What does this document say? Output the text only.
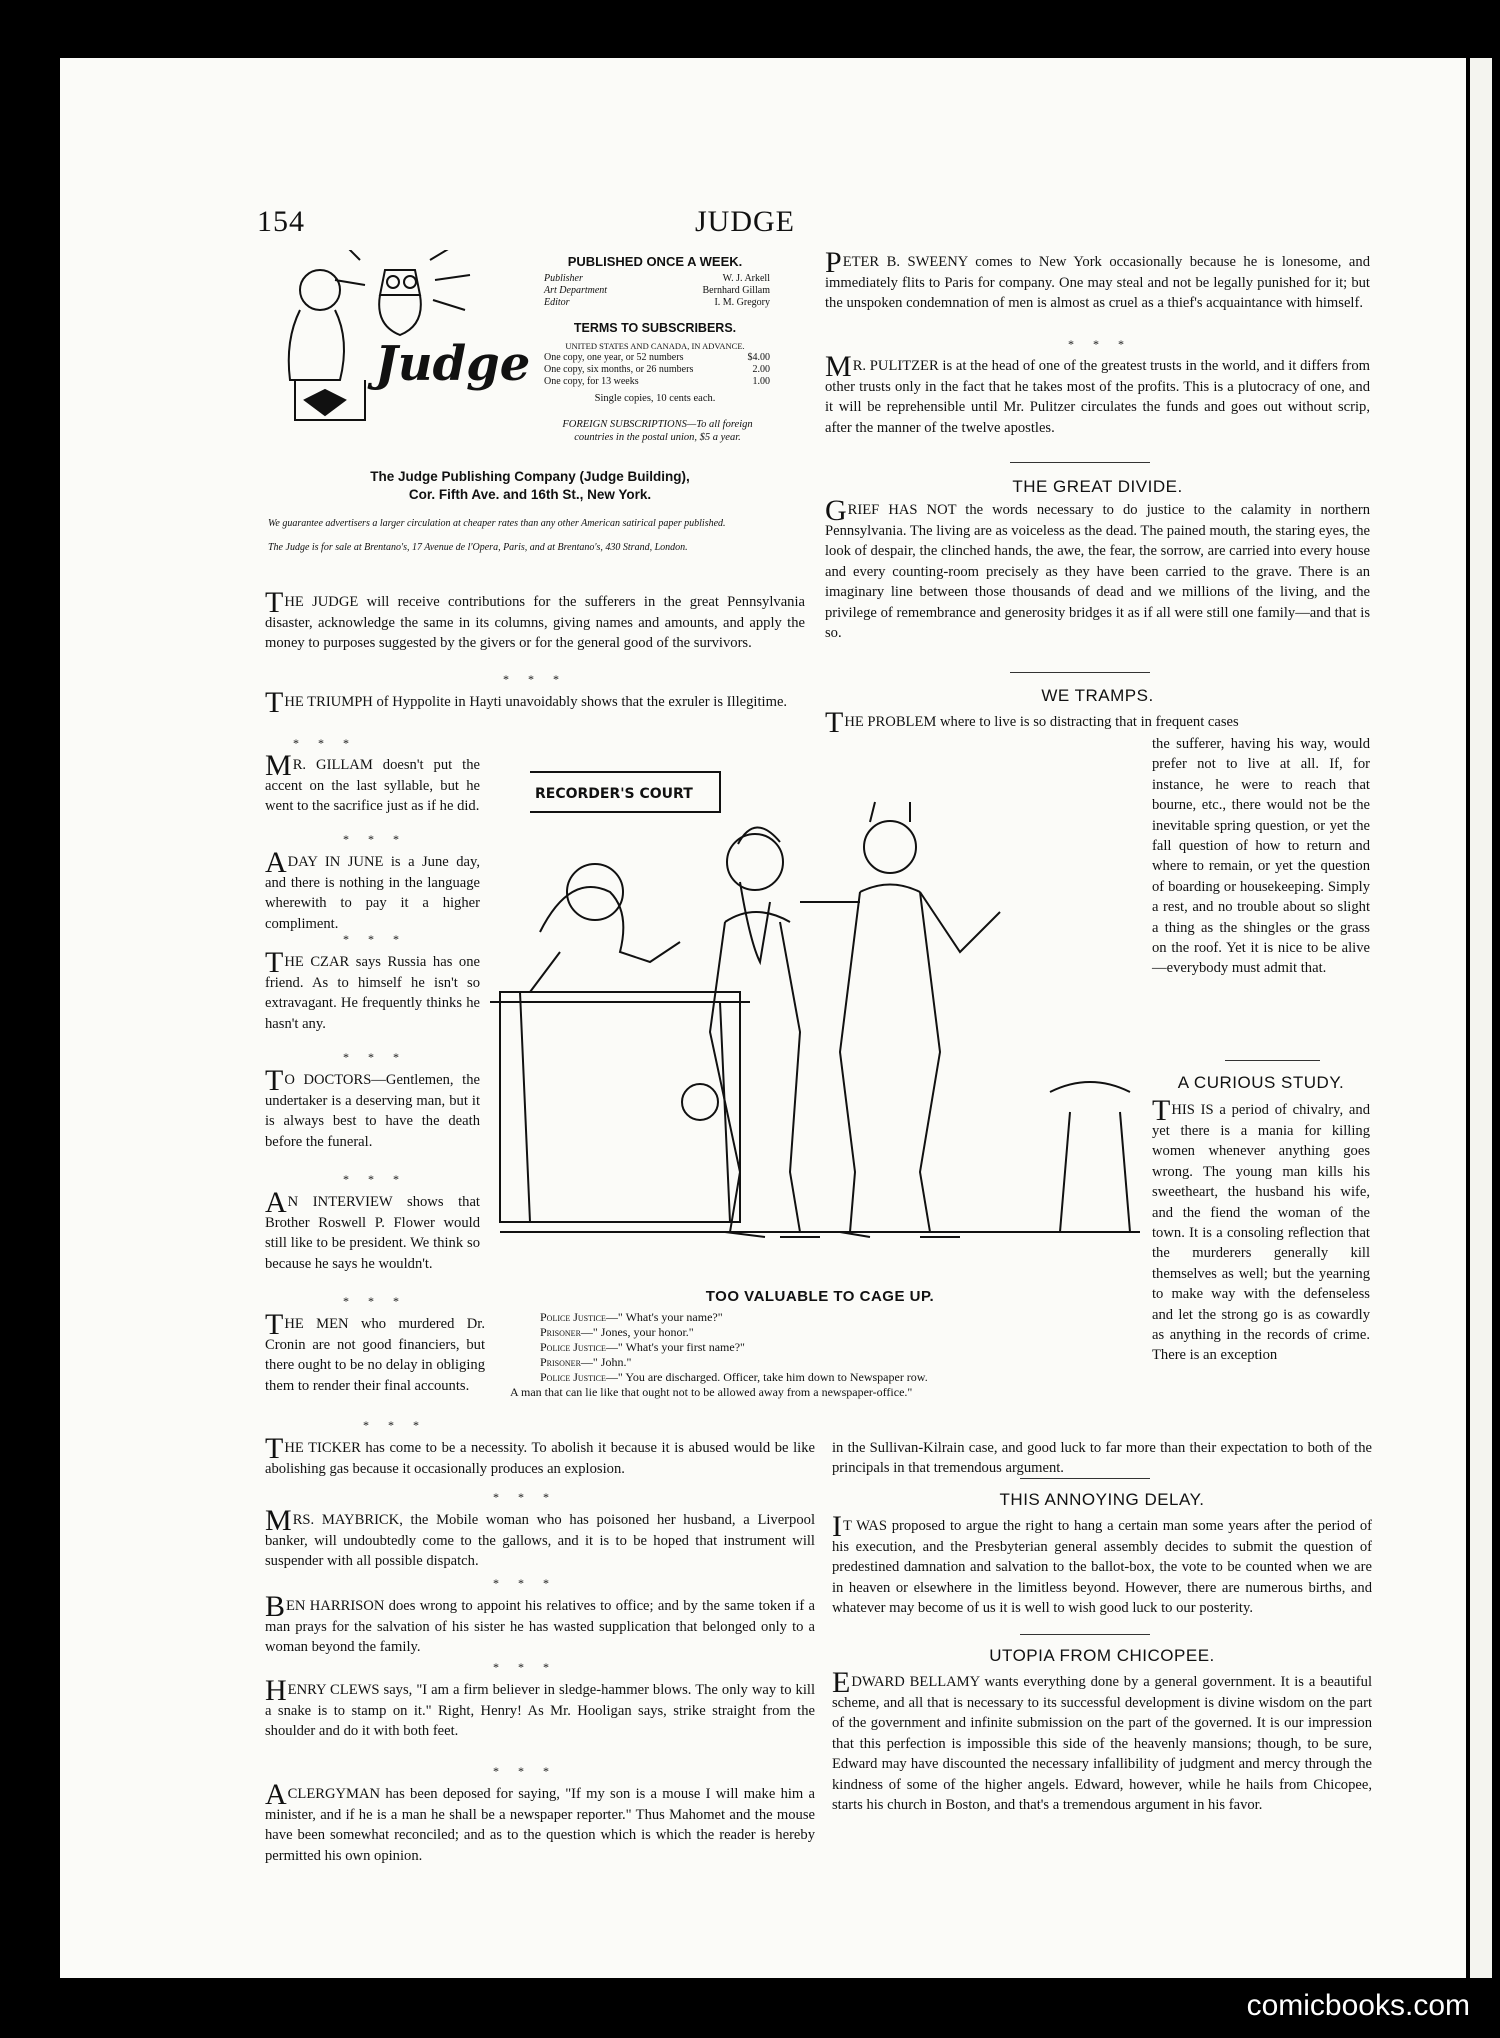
154	JUDGE
Judge
PUBLISHED ONCE A WEEK.
Publisher	W. J. Arkell
Art Department	Bernhard Gillam
Editor	I. M. Gregory
TERMS TO SUBSCRIBERS.
UNITED STATES AND CANADA, IN ADVANCE.
One copy, one year, or 52 numbers	$4.00
One copy, six months, or 26 numbers	2.00
One copy, for 13 weeks	1.00
Single copies, 10 cents each.
FOREIGN SUBSCRIPTIONS—To all foreign countries in the postal union, $5 a year.
The Judge Publishing Company (Judge Building),
Cor. Fifth Ave. and 16th St., New York.
We guarantee advertisers a larger circulation at cheaper rates than any other American satirical paper published.
The Judge is for sale at Brentano's, 17 Avenue de l'Opera, Paris, and at Brentano's, 430 Strand, London.
THE JUDGE will receive contributions for the sufferers in the great Pennsylvania disaster, acknowledge the same in its columns, giving names and amounts, and apply the money to purposes suggested by the givers or for the general good of the survivors.
* * *
THE TRIUMPH of Hyppolite in Hayti unavoidably shows that the exruler is Illegitime.
* * *
MR. GILLAM doesn't put the accent on the last syllable, but he went to the sacrifice just as if he did.
* * *
ADAY IN JUNE is a June day, and there is nothing in the language wherewith to pay it a higher compliment.
* * *
THE CZAR says Russia has one friend. As to himself he isn't so extravagant. He frequently thinks he hasn't any.
* * *
TO DOCTORS—Gentlemen, the undertaker is a deserving man, but it is always best to have the death before the funeral.
* * *
AN INTERVIEW shows that Brother Roswell P. Flower would still like to be president. We think so because he says he wouldn't.
* * *
THE MEN who murdered Dr. Cronin are not good financiers, but there ought to be no delay in obliging them to render their final accounts.
* * *
THE TICKER has come to be a necessity. To abolish it because it is abused would be like abolishing gas because it occasionally produces an explosion.
* * *
MRS. MAYBRICK, the Mobile woman who has poisoned her husband, a Liverpool banker, will undoubtedly come to the gallows, and it is to be hoped that instrument will suspender with all possible dispatch.
* * *
BEN HARRISON does wrong to appoint his relatives to office; and by the same token if a man prays for the salvation of his sister he has wasted supplication that belonged only to a woman beyond the family.
* * *
HENRY CLEWS says, "I am a firm believer in sledge-hammer blows. The only way to kill a snake is to stamp on it." Right, Henry! As Mr. Hooligan says, strike straight from the shoulder and do it with both feet.
* * *
ACLERGYMAN has been deposed for saying, "If my son is a mouse I will make him a minister, and if he is a man he shall be a newspaper reporter." Thus Mahomet and the mouse have been somewhat reconciled; and as to the question which is which the reader is hereby permitted his own opinion.
PETER B. SWEENY comes to New York occasionally because he is lonesome, and immediately flits to Paris for company. One may steal and not be legally punished for it; but the unspoken condemnation of men is almost as cruel as a thief's acquaintance with himself.
* * *
MR. PULITZER is at the head of one of the greatest trusts in the world, and it differs from other trusts only in the fact that he takes most of the profits. This is a plutocracy of one, and it will be reprehensible until Mr. Pulitzer circulates the funds and goes out without scrip, after the manner of the twelve apostles.
THE GREAT DIVIDE.
GRIEF HAS NOT the words necessary to do justice to the calamity in northern Pennsylvania. The living are as voiceless as the dead. The pained mouth, the staring eyes, the look of despair, the clinched hands, the awe, the fear, the sorrow, are carried into every house and every counting-room precisely as they have been carried to the grave. There is an imaginary line between those thousands of dead and we millions of the living, and the privilege of remembrance and generosity bridges it as if all were still one family—and that is so.
WE TRAMPS.
THE PROBLEM where to live is so distracting that in frequent cases
the sufferer, having his way, would prefer not to live at all. If, for instance, he were to reach that bourne, etc., there would not be the inevitable spring question, or yet the fall question of how to return and where to remain, or yet the question of boarding or housekeeping. Simply a rest, and no trouble about so slight a thing as the shingles or the grass on the roof. Yet it is nice to be alive—everybody must admit that.
A CURIOUS STUDY.
THIS IS a period of chivalry, and yet there is a mania for killing women whenever anything goes wrong. The young man kills his sweetheart, the husband his wife, and the fiend the woman of the town. It is a consoling reflection that the murderers generally kill themselves as well; but the yearning to make way with the defenseless and let the strong go is as cowardly as anything in the records of crime. There is an exception
in the Sullivan-Kilrain case, and good luck to far more than their expectation to both of the principals in that tremendous argument.
THIS ANNOYING DELAY.
IT WAS proposed to argue the right to hang a certain man some years after the period of his execution, and the Presbyterian general assembly decides to submit the question of predestined damnation and salvation to the ballot-box, the vote to be counted when we are in heaven or elsewhere in the limitless beyond. However, there are numerous births, and whatever may become of us it is well to wish good luck to our posterity.
UTOPIA FROM CHICOPEE.
EDWARD BELLAMY wants everything done by a general government. It is a beautiful scheme, and all that is necessary to its successful development is divine wisdom on the part of the government and infinite submission on the part of the governed. It is our impression that this perfection is impossible this side of the heavenly mansions; though, to be sure, Edward may have discounted the necessary infallibility of judgment and mercy through the kindness of some of the higher angels. Edward, however, while he hails from Chicopee, starts his church in Boston, and that's a tremendous argument in his favor.
RECORDER'S COURT
TOO VALUABLE TO CAGE UP.
Police Justice—" What's your name?"
Prisoner—" Jones, your honor."
Police Justice—" What's your first name?"
Prisoner—" John."
Police Justice—" You are discharged. Officer, take him down to Newspaper row.
A man that can lie like that ought not to be allowed away from a newspaper-office."
comicbooks.com
